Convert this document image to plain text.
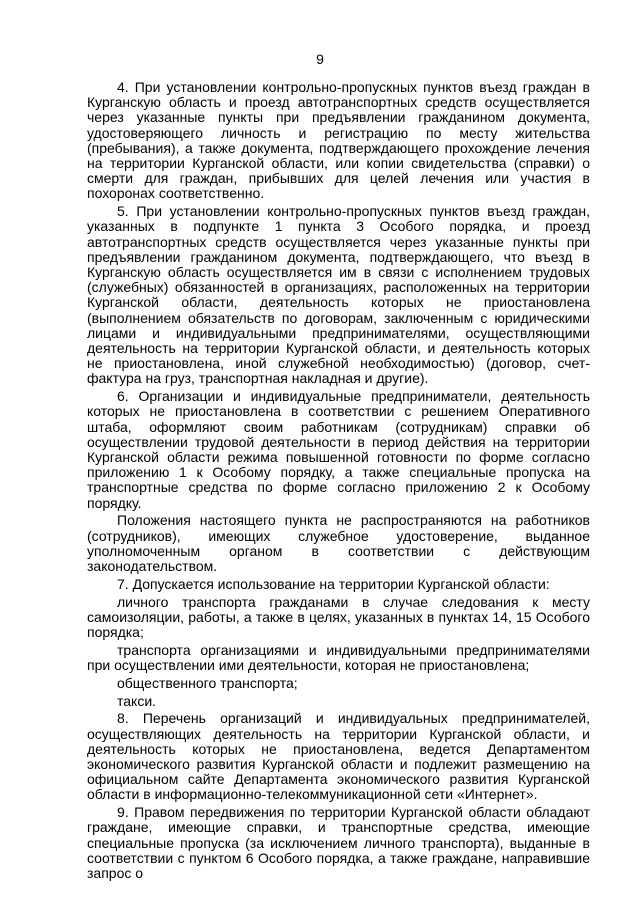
9

4. При установлении контрольно-пропускных пунктов въезд граждан в Курганскую область и проезд автотранспортных средств осуществляется через указанные пункты при предъявлении гражданином документа, удостоверяющего личность и регистрацию по месту жительства (пребывания), а также документа, подтверждающего прохождение лечения на территории Курганской области, или копии свидетельства (справки) о смерти для граждан, прибывших для целей лечения или участия в похоронах соответственно.

5. При установлении контрольно-пропускных пунктов въезд граждан, указанных в подпункте 1 пункта 3 Особого порядка, и проезд автотранспортных средств осуществляется через указанные пункты при предъявлении гражданином документа, подтверждающего, что въезд в Курганскую область осуществляется им в связи с исполнением трудовых (служебных) обязанностей в организациях, расположенных на территории Курганской области, деятельность которых не приостановлена (выполнением обязательств по договорам, заключенным с юридическими лицами и индивидуальными предпринимателями, осуществляющими деятельность на территории Курганской области, и деятельность которых не приостановлена, иной служебной необходимостью) (договор, счет-фактура на груз, транспортная накладная и другие).

6. Организации и индивидуальные предприниматели, деятельность которых не приостановлена в соответствии с решением Оперативного штаба, оформляют своим работникам (сотрудникам) справки об осуществлении трудовой деятельности в период действия на территории Курганской области режима повышенной готовности по форме согласно приложению 1 к Особому порядку, а также специальные пропуска на транспортные средства по форме согласно приложению 2 к Особому порядку.

Положения настоящего пункта не распространяются на работников (сотрудников), имеющих служебное удостоверение, выданное уполномоченным органом в соответствии с действующим законодательством.

7. Допускается использование на территории Курганской области:

личного транспорта гражданами в случае следования к месту самоизоляции, работы, а также в целях, указанных в пунктах 14, 15 Особого порядка;

транспорта организациями и индивидуальными предпринимателями при осуществлении ими деятельности, которая не приостановлена;

общественного транспорта;

такси.

8. Перечень организаций и индивидуальных предпринимателей, осуществляющих деятельность на территории Курганской области, и деятельность которых не приостановлена, ведется Департаментом экономического развития Курганской области и подлежит размещению на официальном сайте Департамента экономического развития Курганской области в информационно-телекоммуникационной сети «Интернет».

9. Правом передвижения по территории Курганской области обладают граждане, имеющие справки, и транспортные средства, имеющие специальные пропуска (за исключением личного транспорта), выданные в соответствии с пунктом 6 Особого порядка, а также граждане, направившие запрос о
